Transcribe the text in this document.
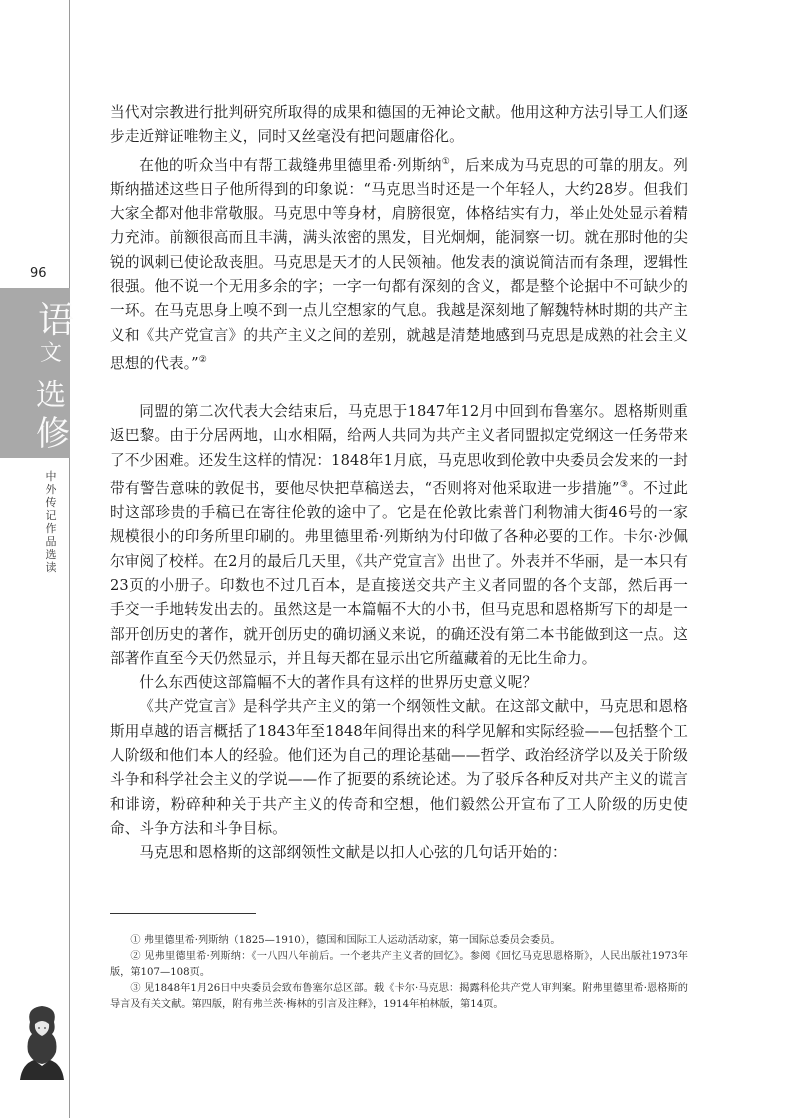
96
语
文
选
修
中外传记作品选读

当代对宗教进行批判研究所取得的成果和德国的无神论文献。他用这种方法引导工人们逐步走近辩证唯物主义，同时又丝毫没有把问题庸俗化。

在他的听众当中有帮工裁缝弗里德里希·列斯纳①，后来成为马克思的可靠的朋友。列斯纳描述这些日子他所得到的印象说：“马克思当时还是一个年轻人，大约28岁。但我们大家全都对他非常敬服。马克思中等身材，肩膀很宽，体格结实有力，举止处处显示着精力充沛。前额很高而且丰满，满头浓密的黑发，目光炯炯，能洞察一切。就在那时他的尖锐的讽刺已使论敌丧胆。马克思是天才的人民领袖。他发表的演说简洁而有条理，逻辑性很强。他不说一个无用多余的字；一字一句都有深刻的含义，都是整个论据中不可缺少的一环。在马克思身上嗅不到一点儿空想家的气息。我越是深刻地了解魏特林时期的共产主义和《共产党宣言》的共产主义之间的差别，就越是清楚地感到马克思是成熟的社会主义思想的代表。”②

同盟的第二次代表大会结束后，马克思于1847年12月中回到布鲁塞尔。恩格斯则重返巴黎。由于分居两地，山水相隔，给两人共同为共产主义者同盟拟定党纲这一任务带来了不少困难。还发生这样的情况：1848年1月底，马克思收到伦敦中央委员会发来的一封带有警告意味的敦促书，要他尽快把草稿送去，“否则将对他采取进一步措施”③。不过此时这部珍贵的手稿已在寄往伦敦的途中了。它是在伦敦比索普门利物浦大街46号的一家规模很小的印务所里印刷的。弗里德里希·列斯纳为付印做了各种必要的工作。卡尔·沙佩尔审阅了校样。在2月的最后几天里，《共产党宣言》出世了。外表并不华丽，是一本只有23页的小册子。印数也不过几百本，是直接送交共产主义者同盟的各个支部，然后再一手交一手地转发出去的。虽然这是一本篇幅不大的小书，但马克思和恩格斯写下的却是一部开创历史的著作，就开创历史的确切涵义来说，的确还没有第二本书能做到这一点。这部著作直至今天仍然显示，并且每天都在显示出它所蕴藏着的无比生命力。

什么东西使这部篇幅不大的著作具有这样的世界历史意义呢？

《共产党宣言》是科学共产主义的第一个纲领性文献。在这部文献中，马克思和恩格斯用卓越的语言概括了1843年至1848年间得出来的科学见解和实际经验——包括整个工人阶级和他们本人的经验。他们还为自己的理论基础——哲学、政治经济学以及关于阶级斗争和科学社会主义的学说——作了扼要的系统论述。为了驳斥各种反对共产主义的谎言和诽谤，粉碎种种关于共产主义的传奇和空想，他们毅然公开宣布了工人阶级的历史使命、斗争方法和斗争目标。

马克思和恩格斯的这部纲领性文献是以扣人心弦的几句话开始的：

① 弗里德里希·列斯纳（1825—1910），德国和国际工人运动活动家，第一国际总委员会委员。

② 见弗里德里希·列斯纳：《一八四八年前后。一个老共产主义者的回忆》。参阅《回忆马克思恩格斯》，人民出版社1973年版，第107—108页。

③ 见1848年1月26日中央委员会致布鲁塞尔总区部。载《卡尔·马克思：揭露科伦共产党人审判案。附弗里德里希·恩格斯的导言及有关文献。第四版，附有弗兰茨·梅林的引言及注释》，1914年柏林版，第14页。
